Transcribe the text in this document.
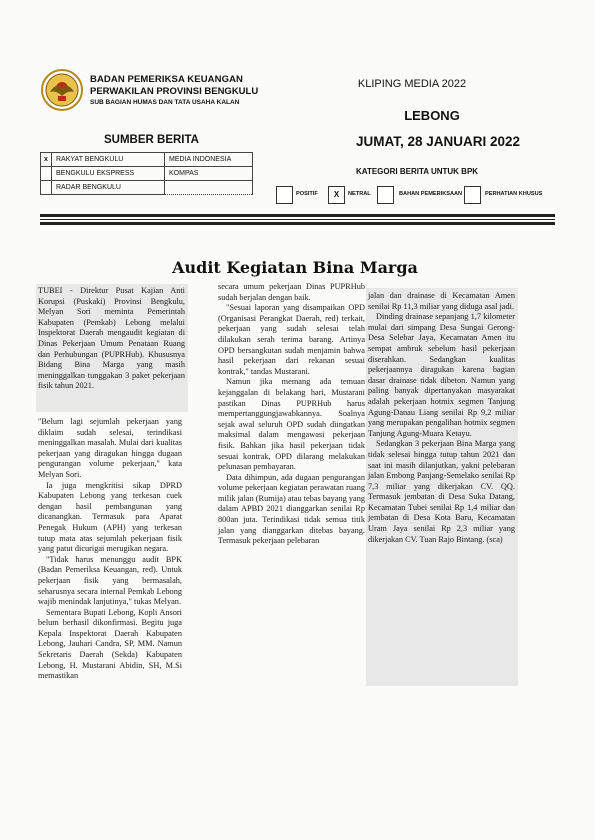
BADAN PEMERIKSA KEUANGAN
PERWAKILAN PROVINSI BENGKULU
SUB BAGIAN HUMAS DAN TATA USAHA KALAN
KLIPING MEDIA 2022
LEBONG
JUMAT, 28 JANUARI 2022
SUMBER BERITA
x	RAKYAT BENGKULU	MEDIA INDONESIA
	BENGKULU EKSPRESS	KOMPAS
	RADAR BENGKULU	
KATEGORI BERITA UNTUK BPK
POSITIF	X	NETRAL	BAHAN PEMERIKSAAN	PERHATIAN KHUSUS
Audit Kegiatan Bina Marga

TUBEI - Direktur Pusat Kajian Anti Korupsi (Puskaki) Provinsi Bengkulu, Melyan Sori meminta Pemerintah Kabupaten (Pemkab) Lebong melalui Inspektorat Daerah mengaudit kegiatan di Dinas Pekerjaan Umum Penataan Ruang dan Perhubungan (PUPRHub). Khususnya Bidang Bina Marga yang masih meninggalkan tunggakan 3 paket pekerjaan fisik tahun 2021.

"Belum lagi sejumlah pekerjaan yang diklaim sudah selesai, terindikasi meninggalkan masalah. Mulai dari kualitas pekerjaan yang diragukan hingga dugaan pengurangan volume pekerjaan," kata Melyan Sori.

Ia juga mengkritisi sikap DPRD Kabupaten Lebong yang terkesan cuek dengan hasil pembangunan yang dicanangkan. Termasuk para Aparat Penegak Hukum (APH) yang terkesan tutup mata atas sejumlah pekerjaan fisik yang patut dicurigai merugikan negara.

"Tidak harus menunggu audit BPK (Badan Pemeriksa Keuangan, red). Untuk pekerjaan fisik yang bermasalah, seharusnya secara internal Pemkab Lebong wajib menindak lanjutinya," tukas Melyan.

Sementara Bupati Lebong, Kopli Ansori belum berhasil dikonfirmasi. Begitu juga Kepala Inspektorat Daerah Kabupaten Lebong, Jauhari Candra, SP, MM. Namun Sekretaris Daerah (Sekda) Kabupaten Lebong, H. Mustarani Abidin, SH, M.Si memastikan

secara umum pekerjaan Dinas PUPRHub sudah berjalan dengan baik.

"Sesuai laporan yang disampaikan OPD (Organisasi Perangkat Daerah, red) terkait, pekerjaan yang sudah selesai telah dilakukan serah terima barang. Artinya OPD bersangkutan sudah menjamin bahwa hasil pekerjaan dari rekanan sesuai kontrak," tandas Mustarani.

Namun jika memang ada temuan kejanggalan di belakang hari, Mustarani pastikan Dinas PUPRHub harus mempertanggungjawabkannya. Soalnya sejak awal seluruh OPD sudah diingatkan maksimal dalam mengawasi pekerjaan fisik. Bahkan jika hasil pekerjaan tidak sesuai kontrak, OPD dilarang melakukan pelunasan pembayaran.

Data dihimpun, ada dugaan pengurangan volume pekerjaan kegiatan perawatan ruang milik jalan (Rumija) atau tebas bayang yang dalam APBD 2021 dianggarkan senilai Rp 800an juta. Terindikasi tidak semua titik jalan yang dianggarkan ditebas bayang. Termasuk pekerjaan pelebaran

jalan dan drainase di Kecamatan Amen senilai Rp 11,3 miliar yang diduga asal jadi.

Dinding drainase sepanjang 1,7 kilometer mulai dari simpang Desa Sungai Gerong-Desa Selebar Jaya, Kecamatan Amen itu sempat ambruk sebelum hasil pekerjaan diserahkan. Sedangkan kualitas pekerjaannya diragukan karena bagian dasar drainase tidak dibeton. Namun yang paling banyak dipertanyakan masyarakat adalah pekerjaan hotmix segmen Tanjung Agung-Danau Liang senilai Rp 9,2 miliar yang merupakan pengalihan hotmix segmen Tanjung Agung-Muara Ketayu.

Sedangkan 3 pekerjaan Bina Marga yang tidak selesai hingga tutup tahun 2021 dan saat ini masih dilanjutkan, yakni pelebaran jalan Embong Panjang-Semelako senilai Rp 7,3 miliar yang dikerjakan CV. QQ. Termasuk jembatan di Desa Suka Datang, Kecamatan Tubei senilai Rp 1,4 miliar dan jembatan di Desa Kota Baru, Kecamatan Uram Jaya senilai Rp 2,3 miliar yang dikerjakan CV. Tuan Rajo Bintang. (sca)
